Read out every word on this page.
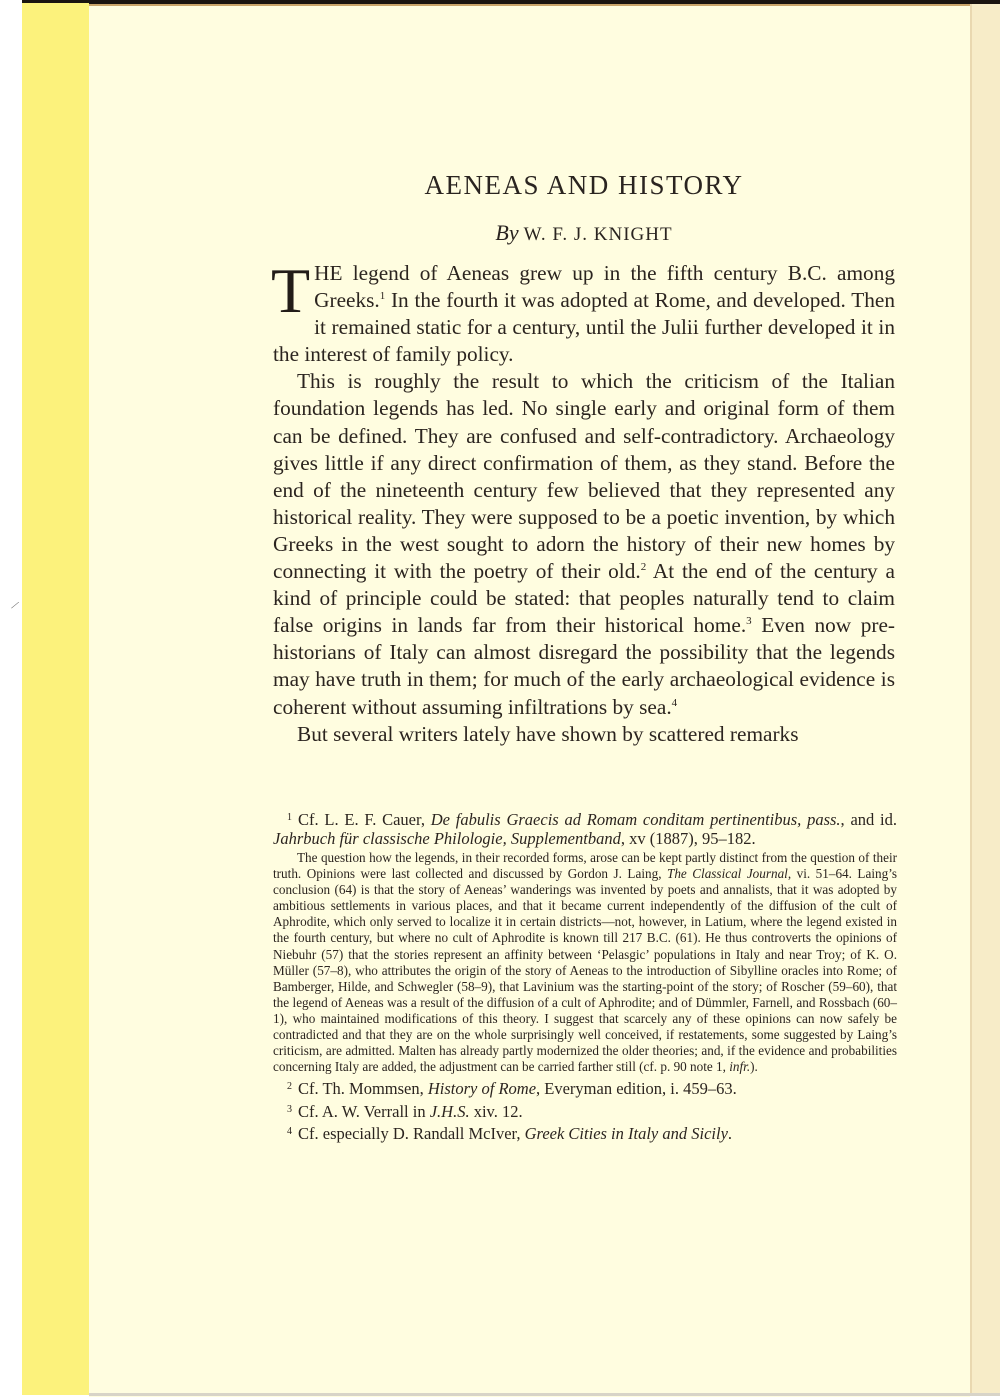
⁄
AENEAS AND HISTORY
By W. F. J. KNIGHT

THE legend of Aeneas grew up in the fifth century B.C. among Greeks.$^1$ In the fourth it was adopted at Rome, and developed. Then it remained static for a century, until the Julii further developed it in the interest of family policy.

This is roughly the result to which the criticism of the Italian foundation legends has led. No single early and original form of them can be defined. They are confused and self-contradictory. Archaeology gives little if any direct confirmation of them, as they stand. Before the end of the nineteenth century few believed that they represented any historical reality. They were supposed to be a poetic invention, by which Greeks in the west sought to adorn the history of their new homes by connecting it with the poetry of their old.$^2$ At the end of the century a kind of principle could be stated: that peoples naturally tend to claim false origins in lands far from their historical home.$^3$ Even now pre-historians of Italy can almost disregard the possibility that the legends may have truth in them; for much of the early archaeological evidence is coherent without assuming infiltrations by sea.$^4$

But several writers lately have shown by scattered remarks

$^1$ Cf. L. E. F. Cauer, De fabulis Graecis ad Romam conditam pertinentibus, pass., and id. Jahrbuch für classische Philologie, Supplementband, xv (1887), 95–182.

The question how the legends, in their recorded forms, arose can be kept partly distinct from the question of their truth. Opinions were last collected and discussed by Gordon J. Laing, The Classical Journal, vi. 51–64. Laing’s conclusion (64) is that the story of Aeneas’ wanderings was invented by poets and annalists, that it was adopted by ambitious settlements in various places, and that it became current independently of the diffusion of the cult of Aphrodite, which only served to localize it in certain districts—not, however, in Latium, where the legend existed in the fourth century, but where no cult of Aphrodite is known till 217 B.C. (61). He thus controverts the opinions of Niebuhr (57) that the stories represent an affinity between ‘Pelasgic’ populations in Italy and near Troy; of K. O. Müller (57–8), who attributes the origin of the story of Aeneas to the introduction of Sibylline oracles into Rome; of Bamberger, Hilde, and Schwegler (58–9), that Lavinium was the starting-point of the story; of Roscher (59–60), that the legend of Aeneas was a result of the diffusion of a cult of Aphrodite; and of Dümmler, Farnell, and Rossbach (60–1), who maintained modifications of this theory. I suggest that scarcely any of these opinions can now safely be contradicted and that they are on the whole surprisingly well conceived, if restatements, some suggested by Laing’s criticism, are admitted. Malten has already partly modernized the older theories; and, if the evidence and probabilities concerning Italy are added, the adjustment can be carried farther still (cf. p. 90 note 1, infr.).

$^2$ Cf. Th. Mommsen, History of Rome, Everyman edition, i. 459–63.

$^3$ Cf. A. W. Verrall in J.H.S. xiv. 12.

$^4$ Cf. especially D. Randall McIver, Greek Cities in Italy and Sicily.
